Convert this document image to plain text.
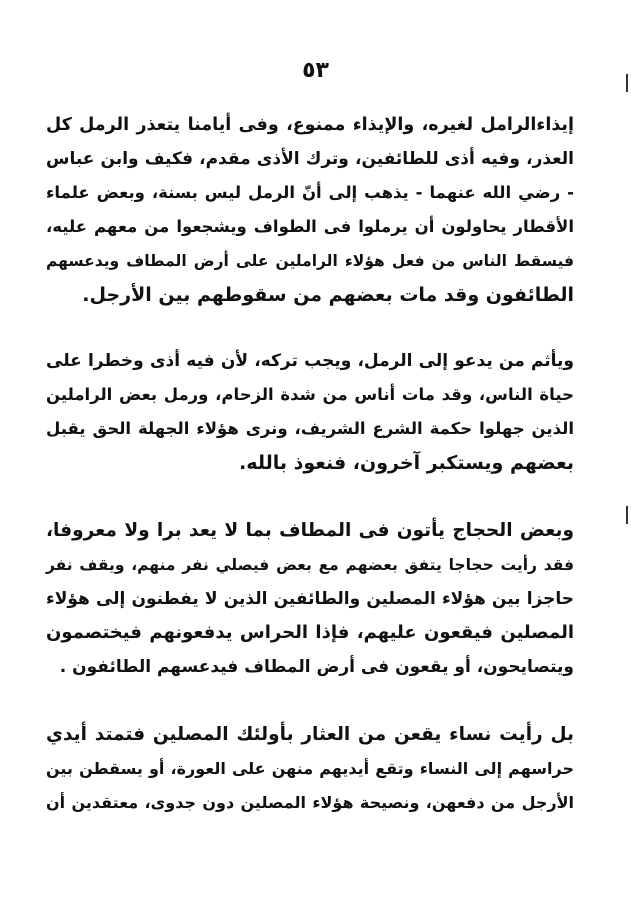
٥٣
إيذاءالرامل لغيره، والإيذاء ممنوع، وفى أيامنا يتعذر الرمل كل
العذر، وفيه أذى للطائفين، وترك الأذى مقدم، فكيف وابن عباس
- رضي الله عنهما - يذهب إلى أنّ الرمل ليس بسنة، وبعض علماء
الأقطار يحاولون أن يرملوا فى الطواف ويشجعوا من معهم عليه،
فيسقط الناس من فعل هؤلاء الراملين على أرض المطاف ويدعسهم
الطائفون وقد مات بعضهم من سقوطهم بين الأرجل.
ويأثم من يدعو إلى الرمل، ويجب تركه، لأن فيه أذى وخطرا على
حياة الناس، وقد مات أناس من شدة الزحام، ورمل بعض الراملين
الذين جهلوا حكمة الشرع الشريف، ونرى هؤلاء الجهلة الحق يقبل
بعضهم ويستكبر آخرون، فنعوذ بالله.
وبعض الحجاج يأتون فى المطاف بما لا يعد برا ولا معروفا،
فقد رأيت حجاجا يتفق بعضهم مع بعض فيصلي نفر منهم، ويقف نفر
حاجزا بين هؤلاء المصلين والطائفين الذين لا يفطنون إلى هؤلاء
المصلين فيقعون عليهم، فإذا الحراس يدفعونهم فيختصمون
ويتصايحون، أو يقعون فى أرض المطاف فيدعسهم الطائفون .
بل رأيت نساء يقعن من العثار بأولئك المصلين فتمتد أيدي
حراسهم إلى النساء وتقع أيديهم منهن على العورة، أو يسقطن بين
الأرجل من دفعهن، ونصيحة هؤلاء المصلين دون جدوى، معتقدين أن
